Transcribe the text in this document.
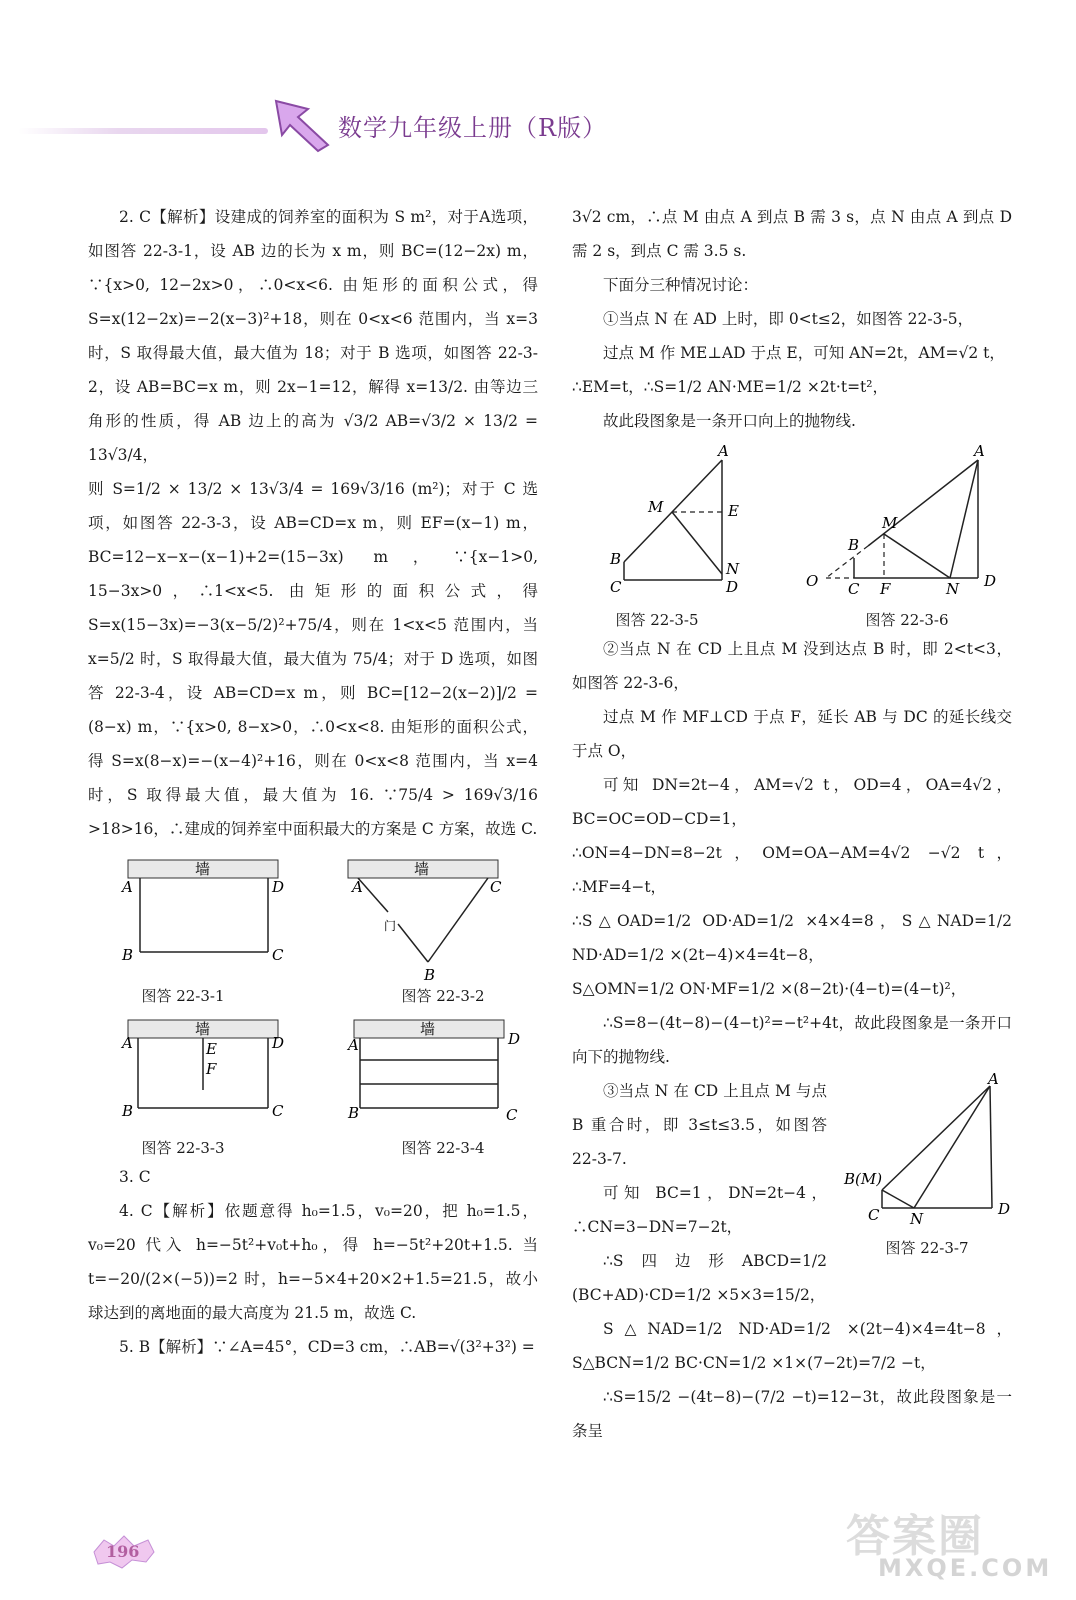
数学九年级上册（R版）

2. C【解析】设建成的饲养室的面积为 S m²，对于A选项，如图答 22-3-1，设 AB 边的长为 x m，则 BC=(12−2x) m，∵{x>0, 12−2x>0，∴0<x<6. 由矩形的面积公式，得 S=x(12−2x)=−2(x−3)²+18，则在 0<x<6 范围内，当 x=3 时，S 取得最大值，最大值为 18；对于 B 选项，如图答 22-3-2，设 AB=BC=x m，则 2x−1=12，解得 x=13/2. 由等边三角形的性质，得 AB 边上的高为 √3/2 AB=√3/2 × 13/2 = 13√3/4，

则 S=1/2 × 13/2 × 13√3/4 = 169√3/16 (m²)；对于 C 选项，如图答 22-3-3，设 AB=CD=x m，则 EF=(x−1) m，BC=12−x−x−(x−1)+2=(15−3x) m，∵{x−1>0, 15−3x>0，∴1<x<5. 由矩形的面积公式，得 S=x(15−3x)=−3(x−5/2)²+75/4，则在 1<x<5 范围内，当 x=5/2 时，S 取得最大值，最大值为 75/4；对于 D 选项，如图答 22-3-4，设 AB=CD=x m，则 BC=[12−2(x−2)]/2 =(8−x) m，∵{x>0, 8−x>0，∴0<x<8. 由矩形的面积公式，得 S=x(8−x)=−(x−4)²+16，则在 0<x<8 范围内，当 x=4 时，S 取得最大值，最大值为 16. ∵75/4 > 169√3/16 >18>16，∴建成的饲养室中面积最大的方案是 C 方案，故选 C.

墙
A	D
B	C
图答 22-3-1
墙
门
A	C
B
图答 22-3-2
墙
A	D
E
F
B	C
图答 22-3-3
墙
A	D
B	C
图答 22-3-4

3. C

4. C【解析】依题意得 h₀=1.5，v₀=20，把 h₀=1.5，v₀=20 代入 h=−5t²+v₀t+h₀，得 h=−5t²+20t+1.5. 当 t=−20/(2×(−5))=2 时，h=−5×4+20×2+1.5=21.5，故小球达到的离地面的最大高度为 21.5 m，故选 C.

5. B【解析】∵∠A=45°，CD=3 cm，∴AB=√(3²+3²) =

3√2 cm，∴点 M 由点 A 到点 B 需 3 s，点 N 由点 A 到点 D 需 2 s，到点 C 需 3.5 s.

下面分三种情况讨论：

①当点 N 在 AD 上时，即 0<t≤2，如图答 22-3-5，

过点 M 作 ME⊥AD 于点 E，可知 AN=2t，AM=√2 t，

∴EM=t，∴S=1/2 AN·ME=1/2 ×2t·t=t²，

故此段图象是一条开口向上的抛物线.

A
M	E
B
C
N
D
图答 22-3-5
A
M
B
O C F	N D
图答 22-3-6

②当点 N 在 CD 上且点 M 没到达点 B 时，即 2<t<3，如图答 22-3-6，

过点 M 作 MF⊥CD 于点 F，延长 AB 与 DC 的延长线交于点 O，

可知 DN=2t−4，AM=√2 t，OD=4，OA=4√2，BC=OC=OD−CD=1，

∴ON=4−DN=8−2t，OM=OA−AM=4√2 −√2 t，∴MF=4−t，

∴S△OAD=1/2 OD·AD=1/2 ×4×4=8，S△NAD=1/2 ND·AD=1/2 ×(2t−4)×4=4t−8，

S△OMN=1/2 ON·MF=1/2 ×(8−2t)·(4−t)=(4−t)²，

∴S=8−(4t−8)−(4−t)²=−t²+4t，故此段图象是一条开口向下的抛物线.

A
B(M)
C N
D
图答 22-3-7

③当点 N 在 CD 上且点 M 与点 B 重合时，即 3≤t≤3.5，如图答 22-3-7.

可知 BC=1，DN=2t−4，∴CN=3−DN=7−2t，

∴S四边形ABCD=1/2 (BC+AD)·CD=1/2 ×5×3=15/2，

S△NAD=1/2 ND·AD=1/2 ×(2t−4)×4=4t−8，S△BCN=1/2 BC·CN=1/2 ×1×(7−2t)=7/2 −t，

∴S=15/2 −(4t−8)−(7/2 −t)=12−3t，故此段图象是一条呈

196	答案圈
MXQE.COM
